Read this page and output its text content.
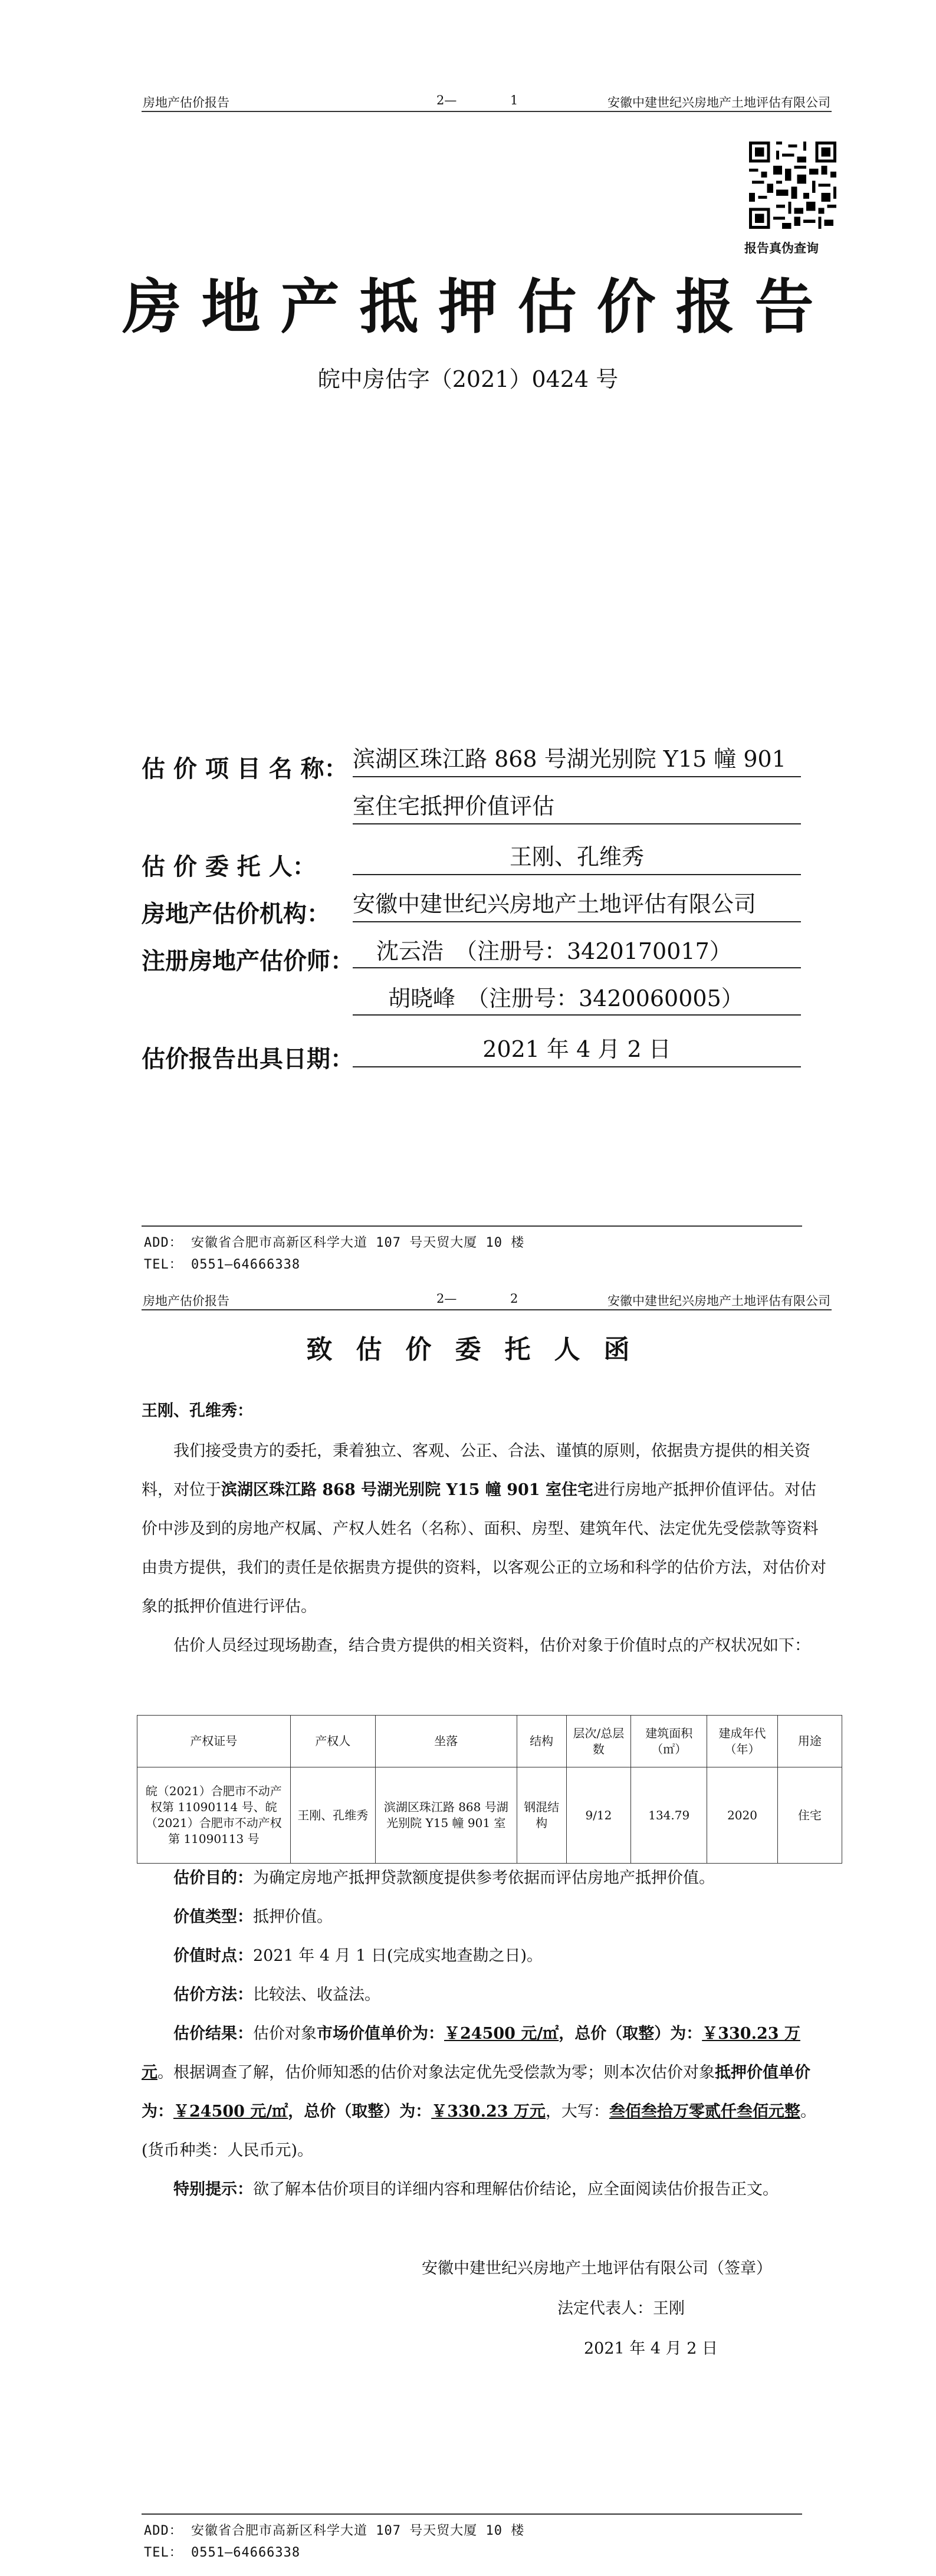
房地产估价报告	2—	1	安徽中建世纪兴房地产土地评估有限公司
报告真伪查询
房地产抵押估价报告
皖中房估字（2021）0424 号
估 价 项 目 名 称： 滨湖区珠江路 868 号湖光别院 Y15 幢 901
室住宅抵押价值评估
估 价 委 托 人：	王刚、孔维秀
房地产估价机构：	安徽中建世纪兴房地产土地评估有限公司
注册房地产估价师：	沈云浩　（注册号：3420170017）
胡晓峰　（注册号：3420060005）
估价报告出具日期：	2021 年 4 月 2 日
ADD： 安徽省合肥市高新区科学大道 107 号天贸大厦 10 楼
TEL： 0551—64666338
房地产估价报告	2—	2	安徽中建世纪兴房地产土地评估有限公司
致估价委托人函

王刚、孔维秀：

我们接受贵方的委托，秉着独立、客观、公正、合法、谨慎的原则，依据贵方提供的相关资料，对位于滨湖区珠江路 868 号湖光别院 Y15 幢 901 室住宅进行房地产抵押价值评估。对估价中涉及到的房地产权属、产权人姓名（名称）、面积、房型、建筑年代、法定优先受偿款等资料由贵方提供，我们的责任是依据贵方提供的资料，以客观公正的立场和科学的估价方法，对估价对象的抵押价值进行评估。

估价人员经过现场勘查，结合贵方提供的相关资料，估价对象于价值时点的产权状况如下：

产权证号	产权人	坐落	结构	层次/总层数	建筑面积（㎡）	建成年代（年）	用途
皖（2021）合肥市不动产权第 11090114 号、皖（2021）合肥市不动产权第 11090113 号	王刚、孔维秀	滨湖区珠江路 868 号湖光别院 Y15 幢 901 室	钢混结构	9/12	134.79	2020	住宅

估价目的：为确定房地产抵押贷款额度提供参考依据而评估房地产抵押价值。

价值类型：抵押价值。

价值时点：2021 年 4 月 1 日(完成实地查勘之日)。

估价方法：比较法、收益法。

估价结果：估价对象市场价值单价为：￥24500 元/㎡，总价（取整）为：￥330.23 万元。根据调查了解，估价师知悉的估价对象法定优先受偿款为零；则本次估价对象抵押价值单价为：￥24500 元/㎡，总价（取整）为：￥330.23 万元，大写：叁佰叁拾万零贰仟叁佰元整。(货币种类：人民币元)。

特别提示：欲了解本估价项目的详细内容和理解估价结论，应全面阅读估价报告正文。

安徽中建世纪兴房地产土地评估有限公司（签章）
法定代表人：王刚
2021 年 4 月 2 日
ADD： 安徽省合肥市高新区科学大道 107 号天贸大厦 10 楼
TEL： 0551—64666338
